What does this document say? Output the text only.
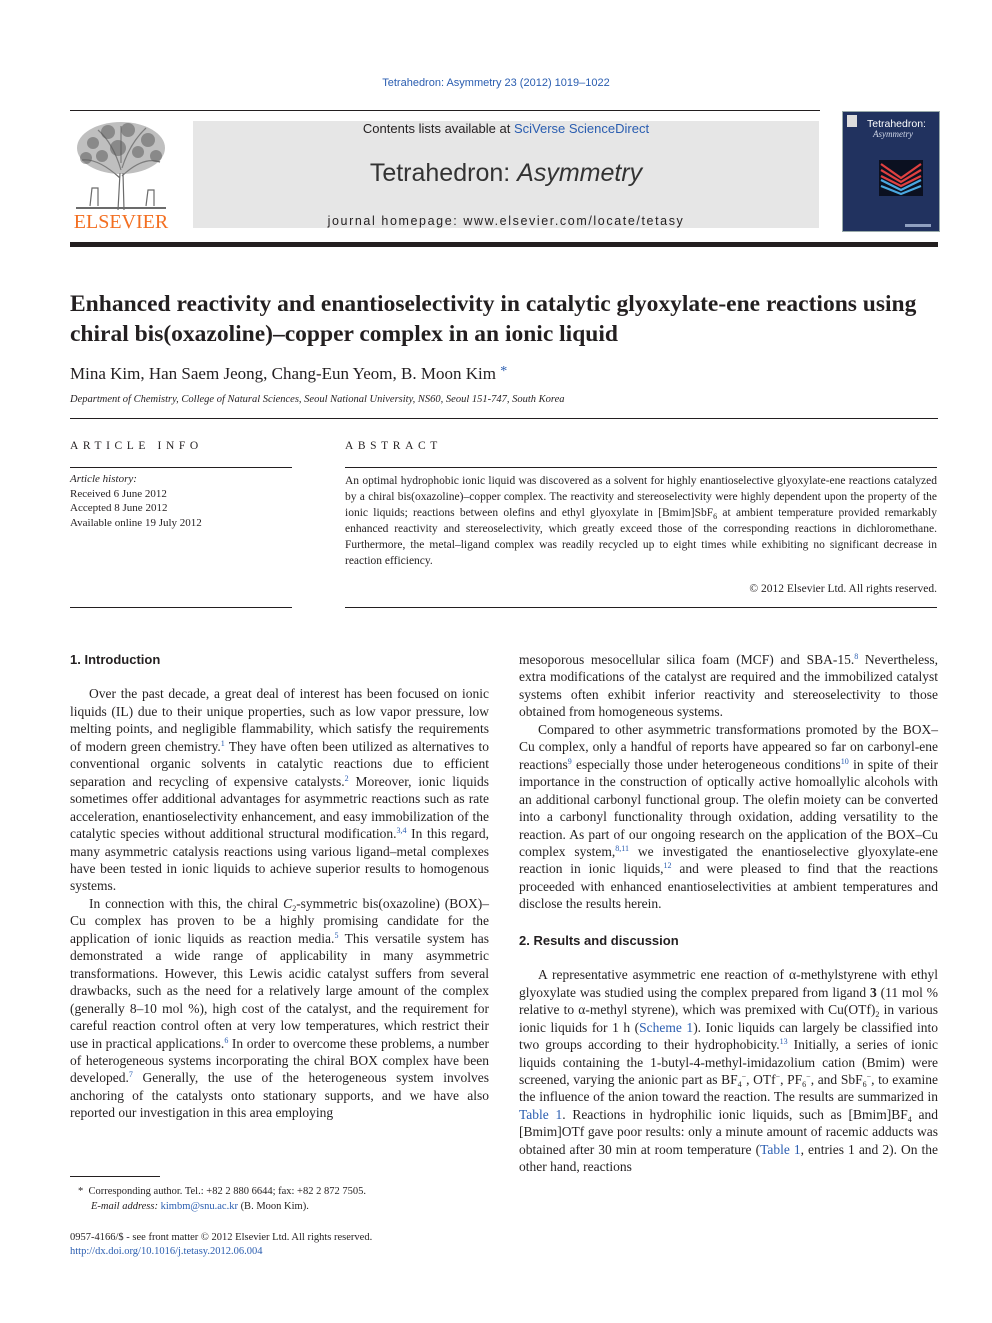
Tetrahedron: Asymmetry 23 (2012) 1019–1022
ELSEVIER
Contents lists available at SciVerse ScienceDirect
Tetrahedron: Asymmetry
journal homepage: www.elsevier.com/locate/tetasy
Tetrahedron:
Asymmetry
Enhanced reactivity and enantioselectivity in catalytic glyoxylate-ene reactions using chiral bis(oxazoline)–copper complex in an ionic liquid
Mina Kim, Han Saem Jeong, Chang-Eun Yeom, B. Moon Kim *
Department of Chemistry, College of Natural Sciences, Seoul National University, NS60, Seoul 151-747, South Korea
ARTICLE INFO
Article history:
Received 6 June 2012
Accepted 8 June 2012
Available online 19 July 2012
ABSTRACT
An optimal hydrophobic ionic liquid was discovered as a solvent for highly enantioselective glyoxylate-ene reactions catalyzed by a chiral bis(oxazoline)–copper complex. The reactivity and stereoselectivity were highly dependent upon the property of the ionic liquids; reactions between olefins and ethyl glyoxylate in [Bmim]SbF$_6$ at ambient temperature provided remarkably enhanced reactivity and stereoselectivity, which greatly exceed those of the corresponding reactions in dichloromethane. Furthermore, the metal–ligand complex was readily recycled up to eight times while exhibiting no significant decrease in reaction efficiency.
© 2012 Elsevier Ltd. All rights reserved.
1. Introduction

Over the past decade, a great deal of interest has been focused on ionic liquids (IL) due to their unique properties, such as low vapor pressure, low melting points, and negligible flammability, which satisfy the requirements of modern green chemistry.$^1$ They have often been utilized as alternatives to conventional organic solvents in catalytic reactions due to efficient separation and recycling of expensive catalysts.$^2$ Moreover, ionic liquids sometimes offer additional advantages for asymmetric reactions such as rate acceleration, enantioselectivity enhancement, and easy immobilization of the catalytic species without additional structural modification.$^{3,4}$ In this regard, many asymmetric catalysis reactions using various ligand–metal complexes have been tested in ionic liquids to achieve superior results to homogenous systems.

In connection with this, the chiral $C_2$-symmetric bis(oxazoline) (BOX)–Cu complex has proven to be a highly promising candidate for the application of ionic liquids as reaction media.$^5$ This versatile system has demonstrated a wide range of applicability in many asymmetric transformations. However, this Lewis acidic catalyst suffers from several drawbacks, such as the need for a relatively large amount of the complex (generally 8–10 mol %), high cost of the catalyst, and the requirement for careful reaction control often at very low temperatures, which restrict their use in practical applications.$^6$ In order to overcome these problems, a number of heterogeneous systems incorporating the chiral BOX complex have been developed.$^7$ Generally, the use of the heterogeneous system involves anchoring of the catalysts onto stationary supports, and we have also reported our investigation in this area employing

mesoporous mesocellular silica foam (MCF) and SBA-15.$^8$ Nevertheless, extra modifications of the catalyst are required and the immobilized catalyst systems often exhibit inferior reactivity and stereoselectivity to those obtained from homogeneous systems.

Compared to other asymmetric transformations promoted by the BOX–Cu complex, only a handful of reports have appeared so far on carbonyl-ene reactions$^9$ especially those under heterogeneous conditions$^{10}$ in spite of their importance in the construction of optically active homoallylic alcohols with an additional carbonyl functional group. The olefin moiety can be converted into a carbonyl functionality through oxidation, adding versatility to the reaction. As part of our ongoing research on the application of the BOX–Cu complex system,$^{8,11}$ we investigated the enantioselective glyoxylate-ene reaction in ionic liquids,$^{12}$ and were pleased to find that the reactions proceeded with enhanced enantioselectivities at ambient temperatures and disclose the results herein.

2. Results and discussion

A representative asymmetric ene reaction of α-methylstyrene with ethyl glyoxylate was studied using the complex prepared from ligand 3 (11 mol % relative to α-methyl styrene), which was premixed with $Cu(OTf)_2$ in various ionic liquids for 1 h (Scheme 1). Ionic liquids can largely be classified into two groups according to their hydrophobicity.$^{13}$ Initially, a series of ionic liquids containing the 1-butyl-4-methyl-imidazolium cation (Bmim) were screened, varying the anionic part as $BF_4^-$, OTf−, $PF_6^-$, and SbF$_6$−, to examine the influence of the anion toward the reaction. The results are summarized in Table 1. Reactions in hydrophilic ionic liquids, such as $[Bmim]BF_4$ and [Bmim]OTf gave poor results: only a minute amount of racemic adducts was obtained after 30 min at room temperature (Table 1, entries 1 and 2). On the other hand, reactions

* Corresponding author. Tel.: +82 2 880 6644; fax: +82 2 872 7505.
E-mail address: kimbm@snu.ac.kr (B. Moon Kim).
0957-4166/$ - see front matter © 2012 Elsevier Ltd. All rights reserved.
http://dx.doi.org/10.1016/j.tetasy.2012.06.004
